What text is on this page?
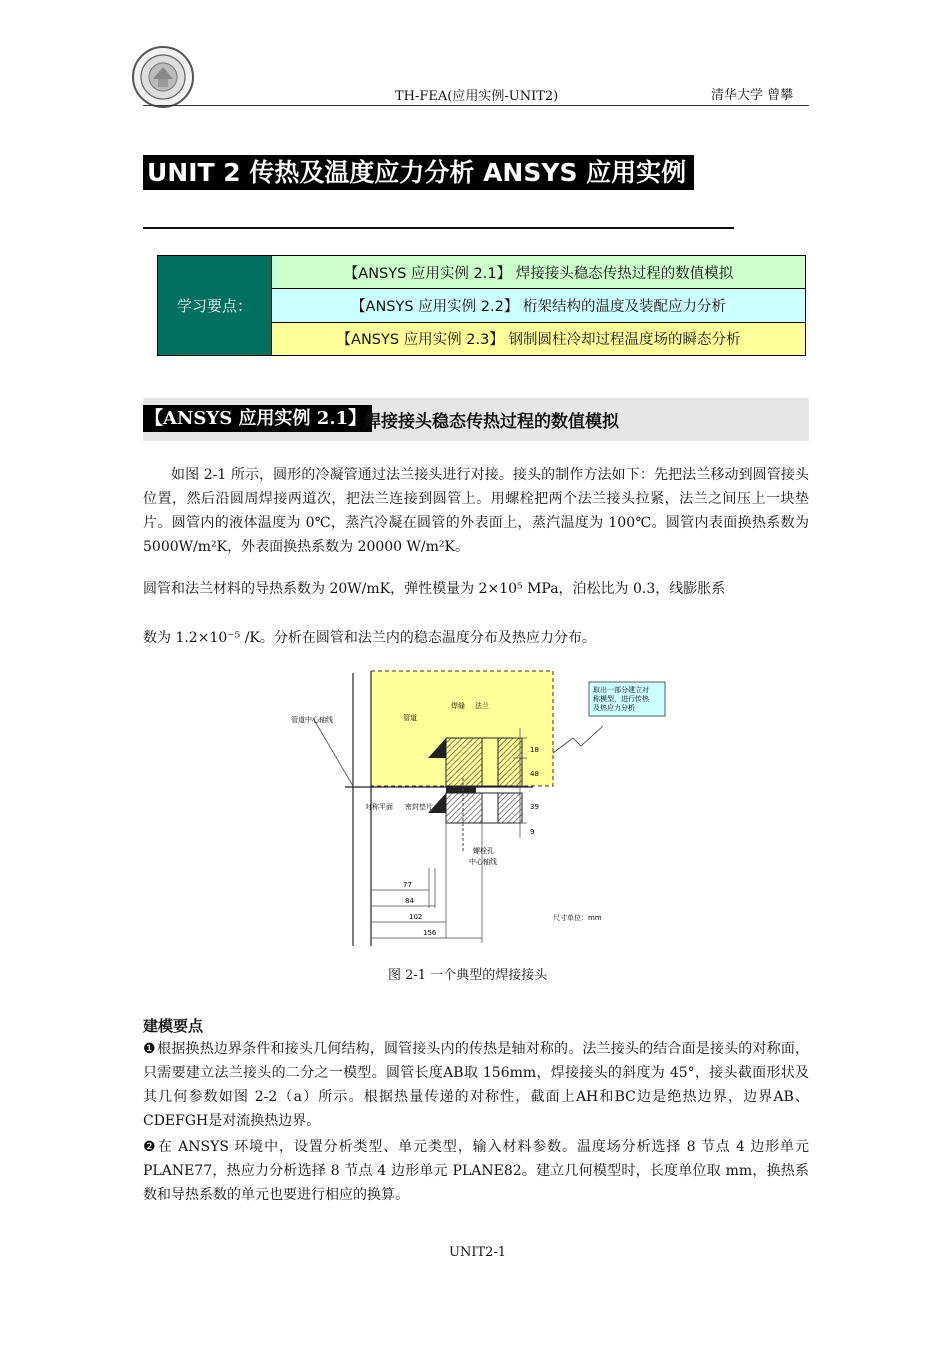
TH-FEA(应用实例-UNIT2)	清华大学 曾攀
UNIT 2 传热及温度应力分析 ANSYS 应用实例
学习要点：	【ANSYS 应用实例 2.1】 焊接接头稳态传热过程的数值模拟
【ANSYS 应用实例 2.2】 桁架结构的温度及装配应力分析
【ANSYS 应用实例 2.3】 钢制圆柱冷却过程温度场的瞬态分析
【ANSYS 应用实例 2.1】
焊接接头稳态传热过程的数值模拟
如图 2-1 所示，圆形的冷凝管通过法兰接头进行对接。接头的制作方法如下：先把法兰移动到圆管接头位置，然后沿圆周焊接两道次，把法兰连接到圆管上。用螺栓把两个法兰接头拉紧，法兰之间压上一块垫片。圆管内的液体温度为 0℃，蒸汽冷凝在圆管的外表面上，蒸汽温度为 100℃。圆管内表面换热系数为 5000W/m²K，外表面换热系数为 20000 W/m²K。
圆管和法兰材料的导热系数为 20W/mK，弹性模量为 2×10⁵ MPa，泊松比为 0.3，线膨胀系
数为 1.2×10⁻⁵ /K。分析在圆管和法兰内的稳态温度分布及热应力分布。
管道中心轴线	管道
焊缝 法兰
对称平面 密封垫片
螺栓孔
中心轴线
取出一部分建立对
称模型，进行传热
及热应力分析
尺寸单位：mm
18
48
39
9
77
84
102
156
图 2-1 一个典型的焊接接头
建模要点
❶根据换热边界条件和接头几何结构，圆管接头内的传热是轴对称的。法兰接头的结合面是接头的对称面，只需要建立法兰接头的二分之一模型。圆管长度AB取 156mm，焊接接头的斜度为 45°，接头截面形状及其几何参数如图 2-2（a）所示。根据热量传递的对称性，截面上AH和BC边是绝热边界，边界AB、CDEFGH是对流换热边界。
❷在 ANSYS 环境中，设置分析类型、单元类型，输入材料参数。温度场分析选择 8 节点 4 边形单元 PLANE77，热应力分析选择 8 节点 4 边形单元 PLANE82。建立几何模型时，长度单位取 mm，换热系数和导热系数的单元也要进行相应的换算。
UNIT2-1
